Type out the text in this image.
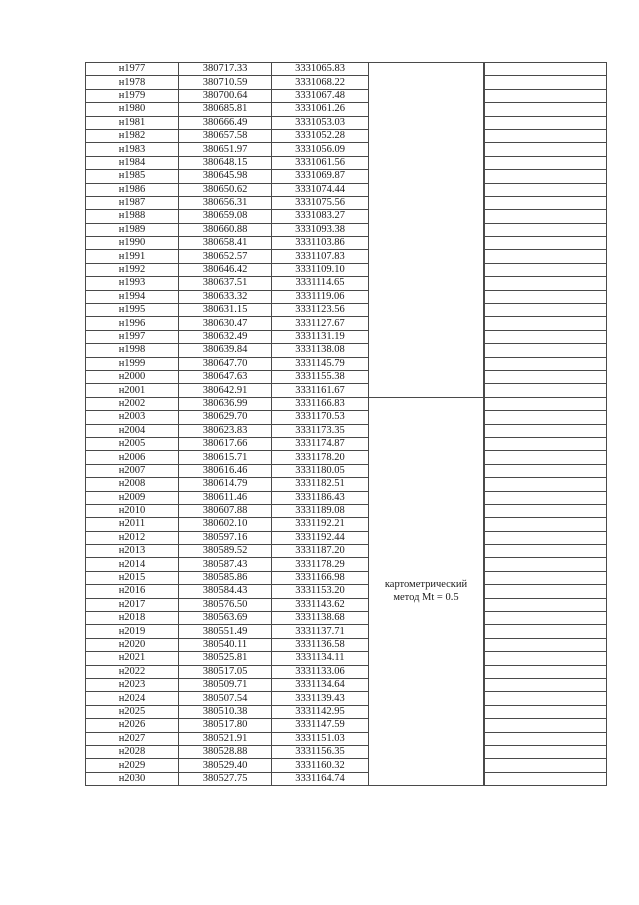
н1977	380717.33	3331065.83			
н1978	380710.59	3331068.22		
н1979	380700.64	3331067.48		
н1980	380685.81	3331061.26		
н1981	380666.49	3331053.03		
н1982	380657.58	3331052.28		
н1983	380651.97	3331056.09		
н1984	380648.15	3331061.56		
н1985	380645.98	3331069.87		
н1986	380650.62	3331074.44		
н1987	380656.31	3331075.56		
н1988	380659.08	3331083.27		
н1989	380660.88	3331093.38		
н1990	380658.41	3331103.86		
н1991	380652.57	3331107.83		
н1992	380646.42	3331109.10		
н1993	380637.51	3331114.65		
н1994	380633.32	3331119.06		
н1995	380631.15	3331123.56		
н1996	380630.47	3331127.67		
н1997	380632.49	3331131.19		
н1998	380639.84	3331138.08		
н1999	380647.70	3331145.79		
н2000	380647.63	3331155.38		
н2001	380642.91	3331161.67		
н2002	380636.99	3331166.83	картометрический метод Mt = 0.5		
н2003	380629.70	3331170.53		
н2004	380623.83	3331173.35		
н2005	380617.66	3331174.87		
н2006	380615.71	3331178.20		
н2007	380616.46	3331180.05		
н2008	380614.79	3331182.51		
н2009	380611.46	3331186.43		
н2010	380607.88	3331189.08		
н2011	380602.10	3331192.21		
н2012	380597.16	3331192.44		
н2013	380589.52	3331187.20		
н2014	380587.43	3331178.29		
н2015	380585.86	3331166.98		
н2016	380584.43	3331153.20		
н2017	380576.50	3331143.62		
н2018	380563.69	3331138.68		
н2019	380551.49	3331137.71		
н2020	380540.11	3331136.58		
н2021	380525.81	3331134.11		
н2022	380517.05	3331133.06		
н2023	380509.71	3331134.64		
н2024	380507.54	3331139.43		
н2025	380510.38	3331142.95		
н2026	380517.80	3331147.59		
н2027	380521.91	3331151.03		
н2028	380528.88	3331156.35		
н2029	380529.40	3331160.32		
н2030	380527.75	3331164.74		
